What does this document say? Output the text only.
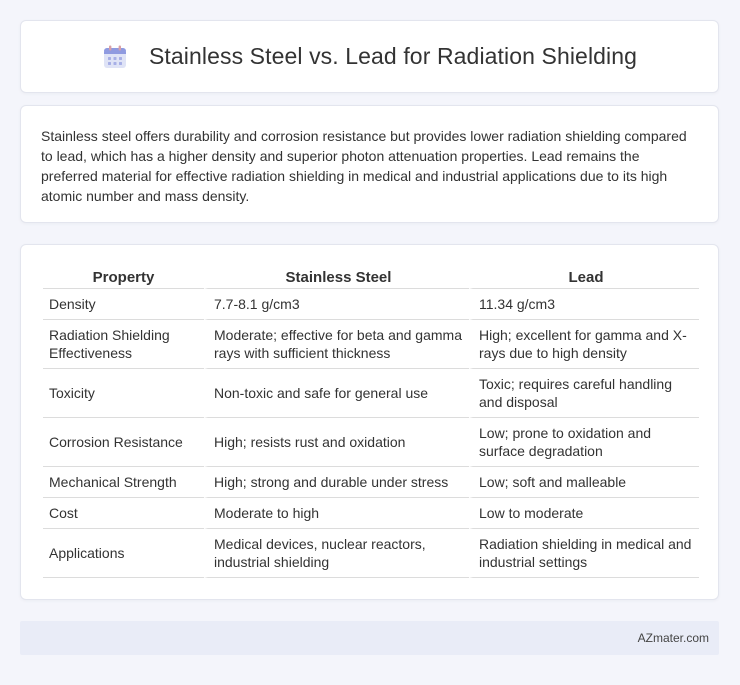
Stainless Steel vs. Lead for Radiation Shielding

Stainless steel offers durability and corrosion resistance but provides lower radiation shielding compared to lead, which has a higher density and superior photon attenuation properties. Lead remains the preferred material for effective radiation shielding in medical and industrial applications due to its high atomic number and mass density.

Property	Stainless Steel	Lead
Density	7.7-8.1 g/cm3	11.34 g/cm3
Radiation Shielding Effectiveness	Moderate; effective for beta and gamma rays with sufficient thickness	High; excellent for gamma and X-rays due to high density
Toxicity	Non-toxic and safe for general use	Toxic; requires careful handling and disposal
Corrosion Resistance	High; resists rust and oxidation	Low; prone to oxidation and surface degradation
Mechanical Strength	High; strong and durable under stress	Low; soft and malleable
Cost	Moderate to high	Low to moderate
Applications	Medical devices, nuclear reactors, industrial shielding	Radiation shielding in medical and industrial settings
AZmater.com
